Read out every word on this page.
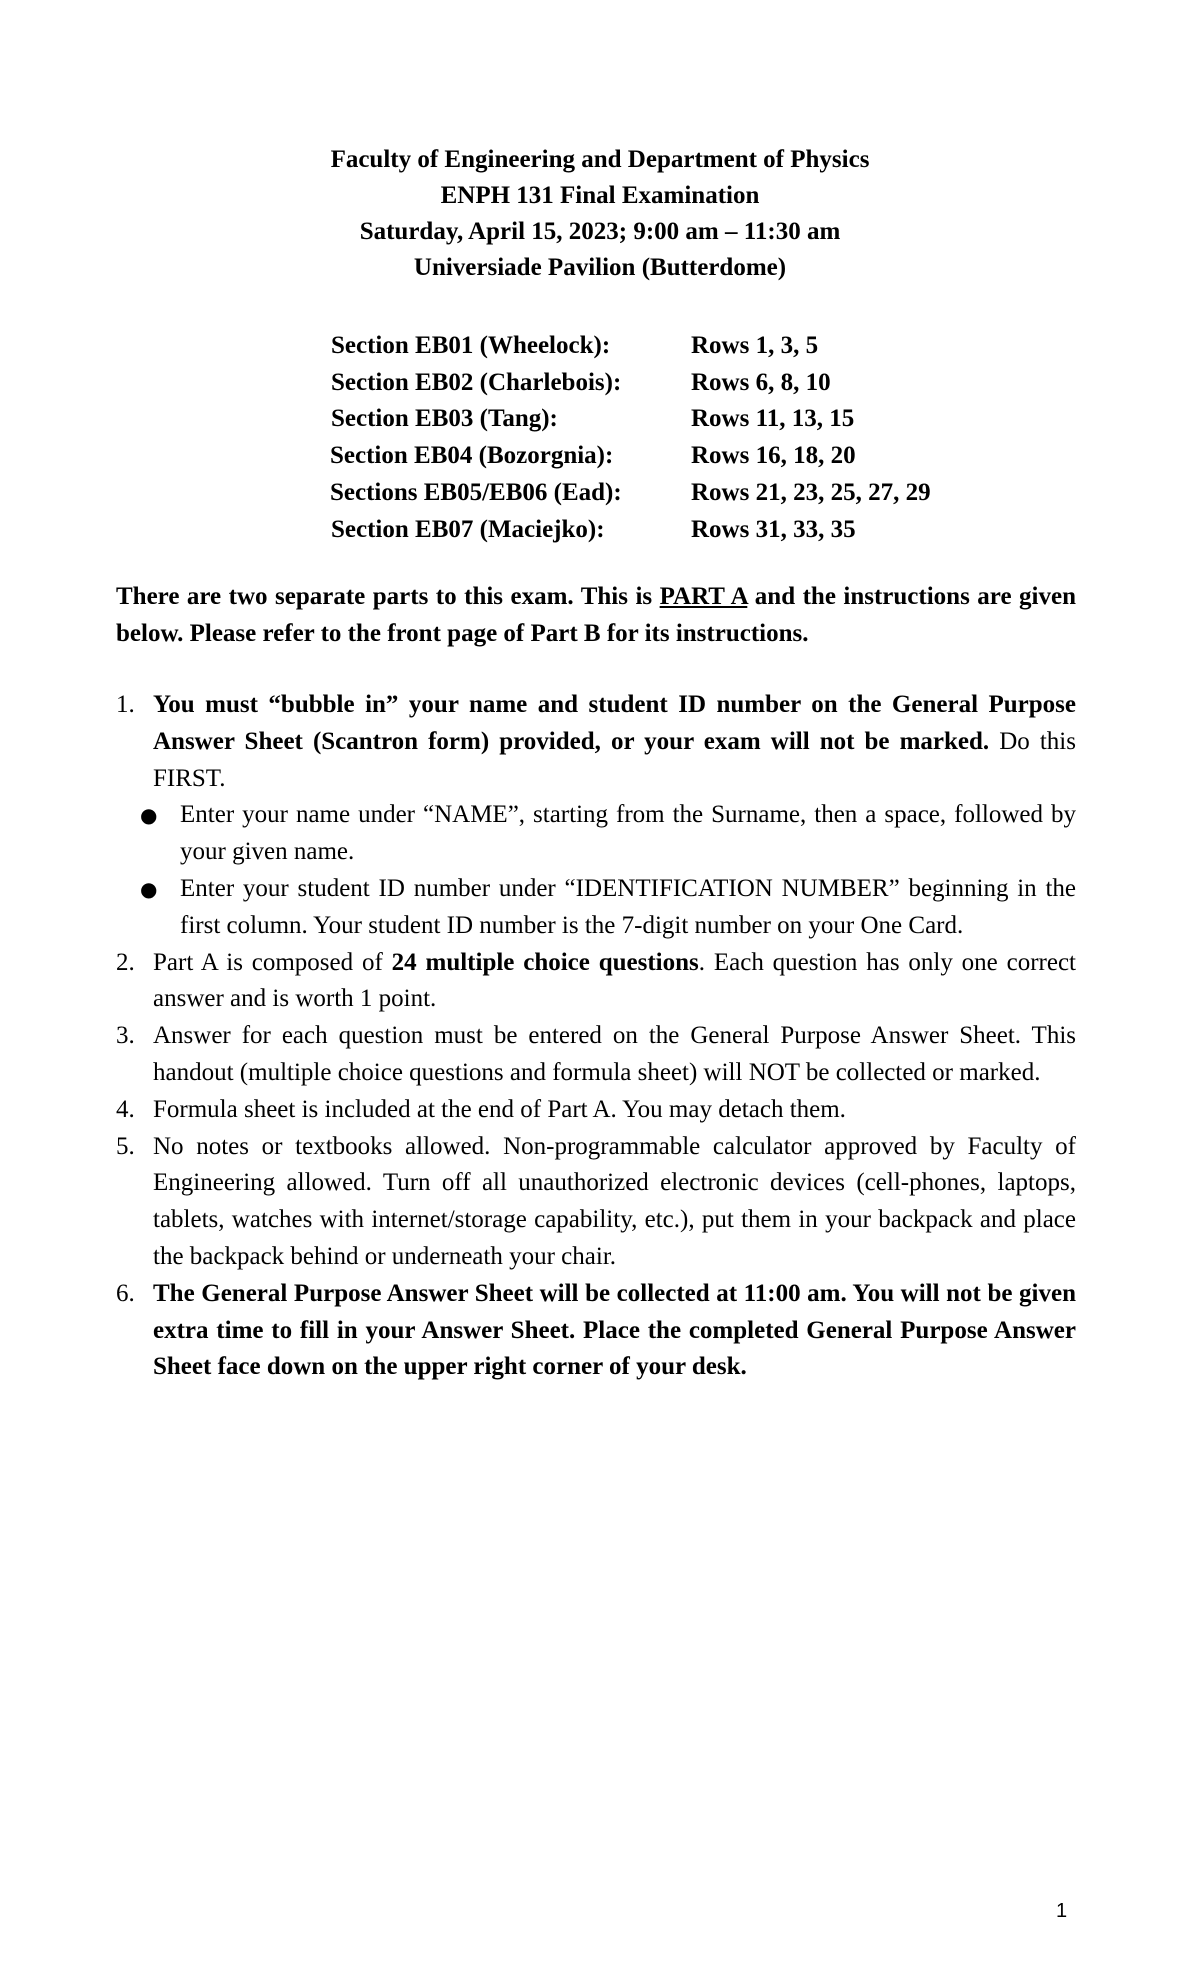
Faculty of Engineering and Department of Physics
ENPH 131 Final Examination
Saturday, April 15, 2023; 9:00 am – 11:30 am
Universiade Pavilion (Butterdome)
Section EB01 (Wheelock):	Rows 1, 3, 5
Section EB02 (Charlebois):	Rows 6, 8, 10
Section EB03 (Tang):	Rows 11, 13, 15
Section EB04 (Bozorgnia):	Rows 16, 18, 20
Sections EB05/EB06 (Ead):	Rows 21, 23, 25, 27, 29
Section EB07 (Maciejko):	Rows 31, 33, 35
There are two separate parts to this exam. This is PART A and the instructions are given below. Please refer to the front page of Part B for its instructions.
1. You must “bubble in” your name and student ID number on the General Purpose Answer Sheet (Scantron form) provided, or your exam will not be marked. Do this FIRST.
● Enter your name under “NAME”, starting from the Surname, then a space, followed by your given name.
● Enter your student ID number under “IDENTIFICATION NUMBER” beginning in the first column. Your student ID number is the 7-digit number on your One Card.
2. Part A is composed of 24 multiple choice questions. Each question has only one correct answer and is worth 1 point.
3. Answer for each question must be entered on the General Purpose Answer Sheet. This handout (multiple choice questions and formula sheet) will NOT be collected or marked.
4. Formula sheet is included at the end of Part A. You may detach them.
5. No notes or textbooks allowed. Non-programmable calculator approved by Faculty of Engineering allowed. Turn off all unauthorized electronic devices (cell-phones, laptops, tablets, watches with internet/storage capability, etc.), put them in your backpack and place the backpack behind or underneath your chair.
6. The General Purpose Answer Sheet will be collected at 11:00 am. You will not be given extra time to fill in your Answer Sheet. Place the completed General Purpose Answer Sheet face down on the upper right corner of your desk.
1
